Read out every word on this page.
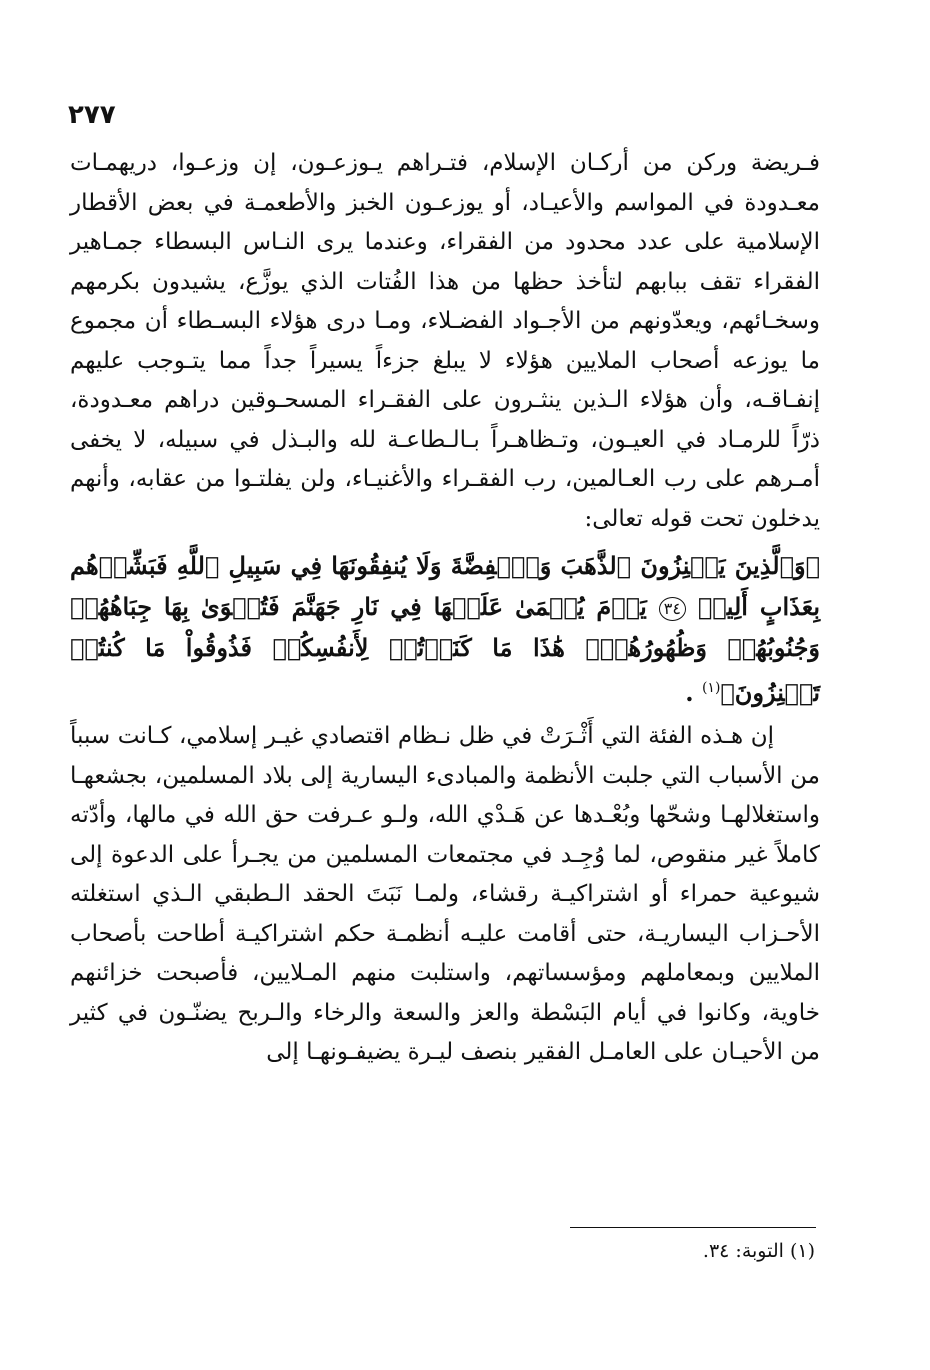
٢٧٧

فـريضة وركن من أركـان الإسلام، فتـراهم يـوزعـون، إن وزعـوا، دريهمـات معـدودة في المواسم والأعيـاد، أو يوزعـون الخبز والأطعمـة في بعض الأقطار الإسلامية على عدد محدود من الفقراء، وعندما يرى النـاس البسطاء جمـاهير الفقراء تقف ببابهم لتأخذ حظها من هذا الفُتات الذي يوزَّع، يشيدون بكرمهم وسخـائهم، ويعدّونهم من الأجـواد الفضـلاء، ومـا درى هؤلاء البسـطاء أن مجموع ما يوزعه أصحاب الملايين هؤلاء لا يبلغ جزءاً يسيراً جداً مما يتـوجب عليهم إنفـاقـه، وأن هؤلاء الـذين ينثـرون على الفقـراء المسحـوقين دراهم معـدودة، ذرّاً للرمـاد في العيـون، وتـظاهـراً بـالـطاعـة لله والبـذل في سبيله، لا يخفى أمـرهم على رب العـالمين، رب الفقـراء والأغنيـاء، ولن يفلتـوا من عقابه، وأنهم يدخلون تحت قوله تعالى:

﴿وَٱلَّذِينَ يَكۡنِزُونَ ٱلذَّهَبَ وَٱلۡفِضَّةَ وَلَا يُنفِقُونَهَا فِي سَبِيلِ ٱللَّهِ فَبَشِّرۡهُم بِعَذَابٍ أَلِيمٖ ٣٤ يَوۡمَ يُحۡمَىٰ عَلَيۡهَا فِي نَارِ جَهَنَّمَ فَتُكۡوَىٰ بِهَا جِبَاهُهُمۡ وَجُنُوبُهُمۡ وَظُهُورُهُمۡۖ هَٰذَا مَا كَنَزۡتُمۡ لِأَنفُسِكُمۡ فَذُوقُواْ مَا كُنتُمۡ تَكۡنِزُونَ﴾$^{(١)}$ .

إن هـذه الفئة التي أَثْـرَتْ في ظل نـظام اقتصادي غيـر إسلامي، كـانت سبباً من الأسباب التي جلبت الأنظمة والمبادىء اليسارية إلى بلاد المسلمين، بجشعهـا واستغلالهـا وشحّها وبُعْـدها عن هَـدْي الله، ولـو عـرفت حق الله في مالها، وأدّته كاملاً غير منقوص، لما وُجِـد في مجتمعات المسلمين من يجـرأ على الدعوة إلى شيوعية حمراء أو اشتراكيـة رقشاء، ولمـا نَبَتَ الحقد الـطبقي الـذي استغلته الأحـزاب اليساريـة، حتى أقامت عليـه أنظمـة حكم اشتراكيـة أطاحت بأصحاب الملايين وبمعاملهم ومؤسساتهم، واستلبت منهم المـلايين، فأصبحت خزائنهم خاوية، وكانوا في أيام البَسْطة والعز والسعة والرخاء والـربح يضنّـون في كثير من الأحيـان على العامـل الفقير بنصف ليـرة يضيفـونهـا إلى

(١) التوبة: ٣٤.
